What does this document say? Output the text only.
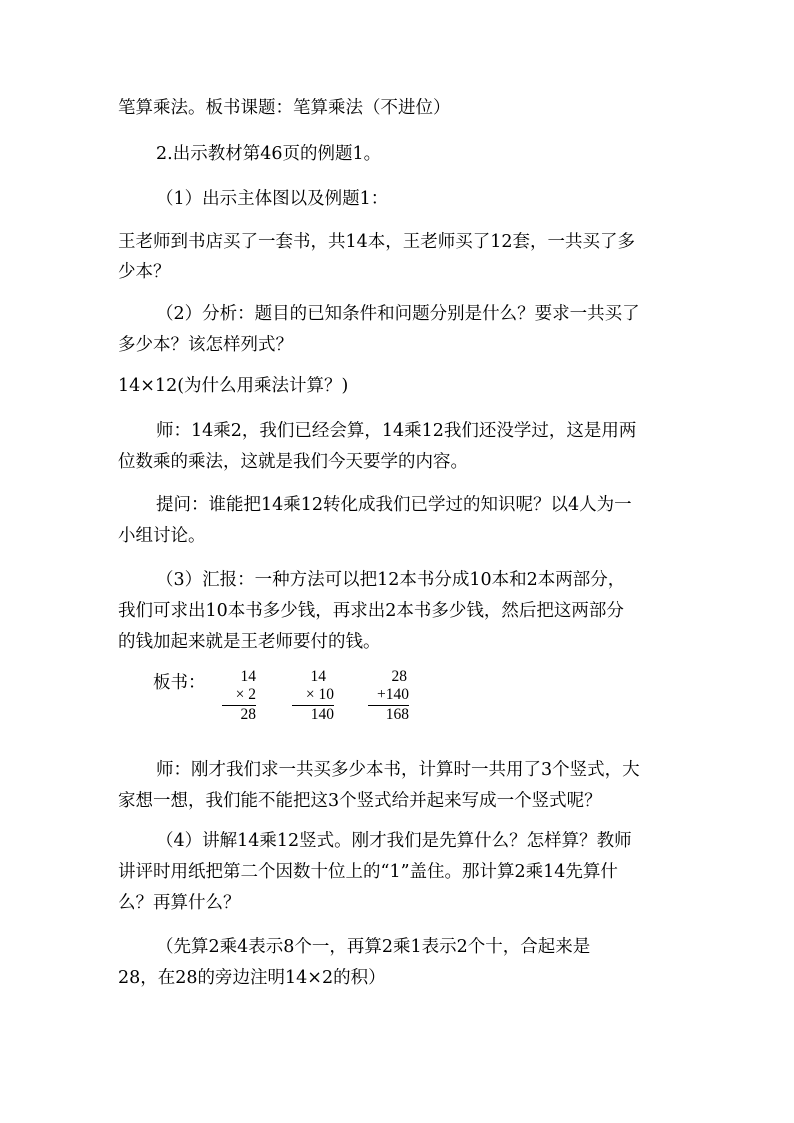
笔算乘法。板书课题：笔算乘法（不进位）
2.出示教材第46页的例题1。
（1）出示主体图以及例题1：
王老师到书店买了一套书，共14本，王老师买了12套，一共买了多
少本？
（2）分析：题目的已知条件和问题分别是什么？要求一共买了
多少本？该怎样列式？
14×12(为什么用乘法计算？)
师：14乘2，我们已经会算，14乘12我们还没学过，这是用两
位数乘的乘法，这就是我们今天要学的内容。
提问：谁能把14乘12转化成我们已学过的知识呢？以4人为一
小组讨论。
（3）汇报：一种方法可以把12本书分成10本和2本两部分，
我们可求出10本书多少钱，再求出2本书多少钱，然后把这两部分
的钱加起来就是王老师要付的钱。
板书：	14
× 2
28
14
× 10
140
28
+140
168
师：刚才我们求一共买多少本书，计算时一共用了3个竖式，大
家想一想，我们能不能把这3个竖式给并起来写成一个竖式呢？
（4）讲解14乘12竖式。刚才我们是先算什么？怎样算？教师
讲评时用纸把第二个因数十位上的“1”盖住。那计算2乘14先算什
么？再算什么？
（先算2乘4表示8个一，再算2乘1表示2个十，合起来是
28，在28的旁边注明14×2的积）
